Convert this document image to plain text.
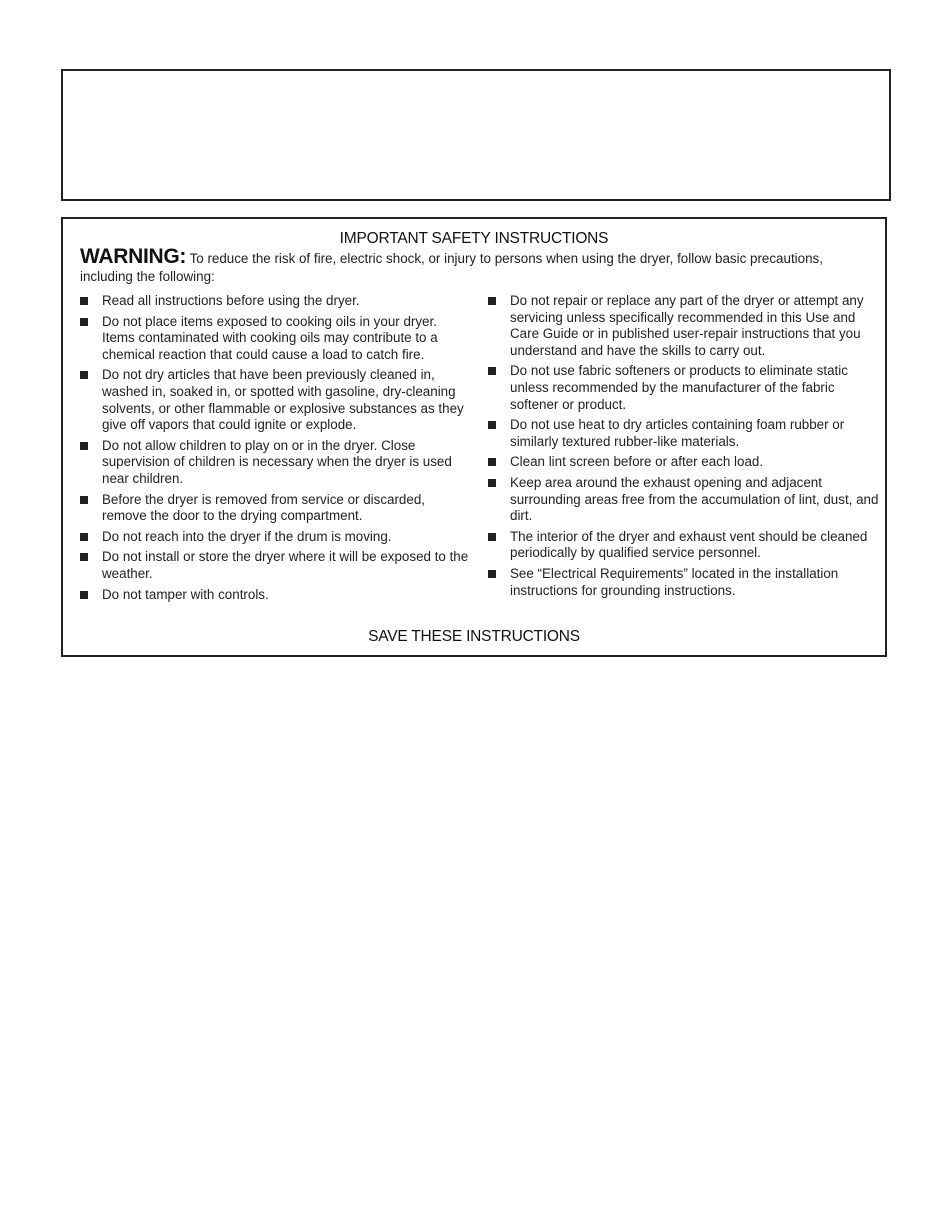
IMPORTANT SAFETY INSTRUCTIONS
WARNING: To reduce the risk of fire, electric shock, or injury to persons when using the dryer, follow basic precautions, including the following:
Read all instructions before using the dryer.
Do not place items exposed to cooking oils in your dryer. Items contaminated with cooking oils may contribute to a chemical reaction that could cause a load to catch fire.
Do not dry articles that have been previously cleaned in, washed in, soaked in, or spotted with gasoline, dry-cleaning solvents, or other flammable or explosive substances as they give off vapors that could ignite or explode.
Do not allow children to play on or in the dryer. Close supervision of children is necessary when the dryer is used near children.
Before the dryer is removed from service or discarded, remove the door to the drying compartment.
Do not reach into the dryer if the drum is moving.
Do not install or store the dryer where it will be exposed to the weather.
Do not tamper with controls.
Do not repair or replace any part of the dryer or attempt any servicing unless specifically recommended in this Use and Care Guide or in published user-repair instructions that you understand and have the skills to carry out.
Do not use fabric softeners or products to eliminate static unless recommended by the manufacturer of the fabric softener or product.
Do not use heat to dry articles containing foam rubber or similarly textured rubber-like materials.
Clean lint screen before or after each load.
Keep area around the exhaust opening and adjacent surrounding areas free from the accumulation of lint, dust, and dirt.
The interior of the dryer and exhaust vent should be cleaned periodically by qualified service personnel.
See “Electrical Requirements” located in the installation instructions for grounding instructions.
SAVE THESE INSTRUCTIONS
